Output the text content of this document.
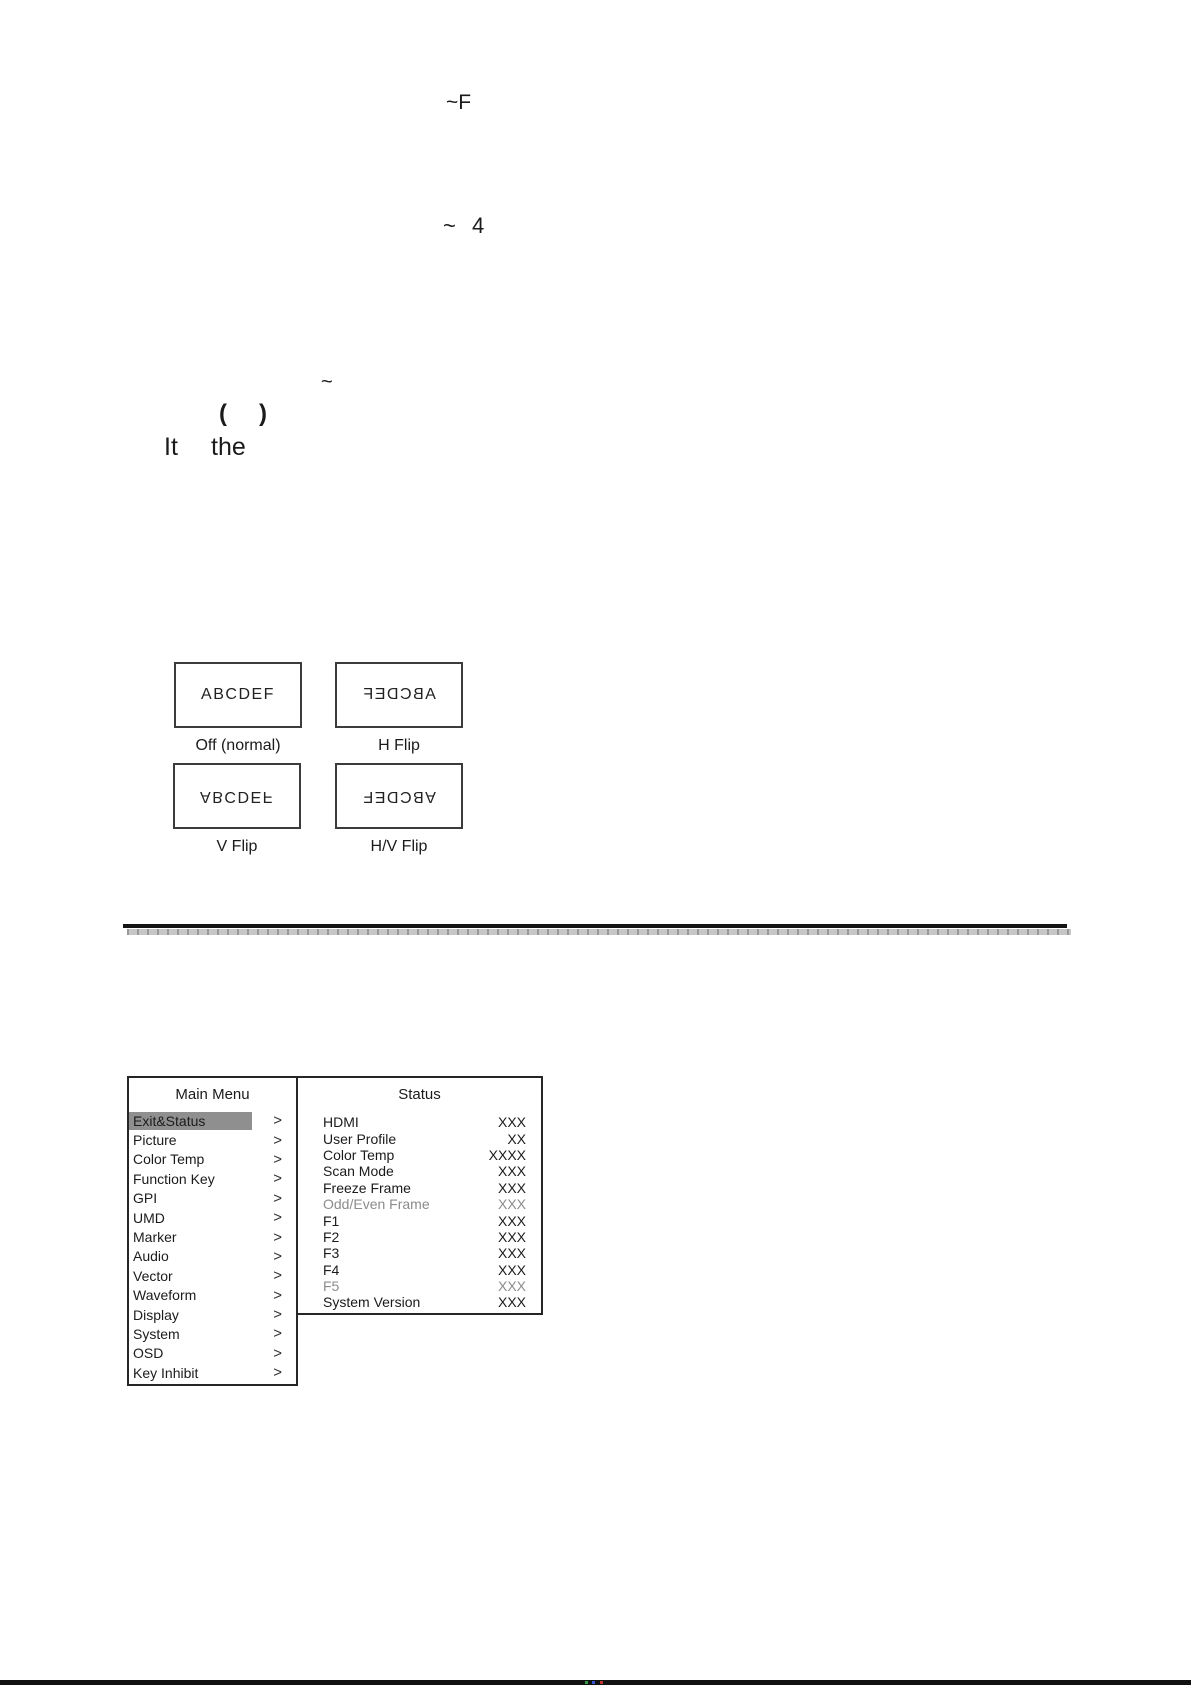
~F
~ 4
~
( )
It the
ABCDEF
Off (normal)
ABCDEF
H Flip
ABCDEF
V Flip
ABCDEF
H/V Flip
Main Menu
Exit&Status	>
Picture	>
Color Temp	>
Function Key	>
GPI	>
UMD	>
Marker	>
Audio	>
Vector	>
Waveform	>
Display	>
System	>
OSD	>
Key Inhibit	>
Status
HDMI	XXX
User Profile	XX
Color Temp	XXXX
Scan Mode	XXX
Freeze Frame	XXX
Odd/Even Frame	XXX
F1	XXX
F2	XXX
F3	XXX
F4	XXX
F5	XXX
System Version	XXX
